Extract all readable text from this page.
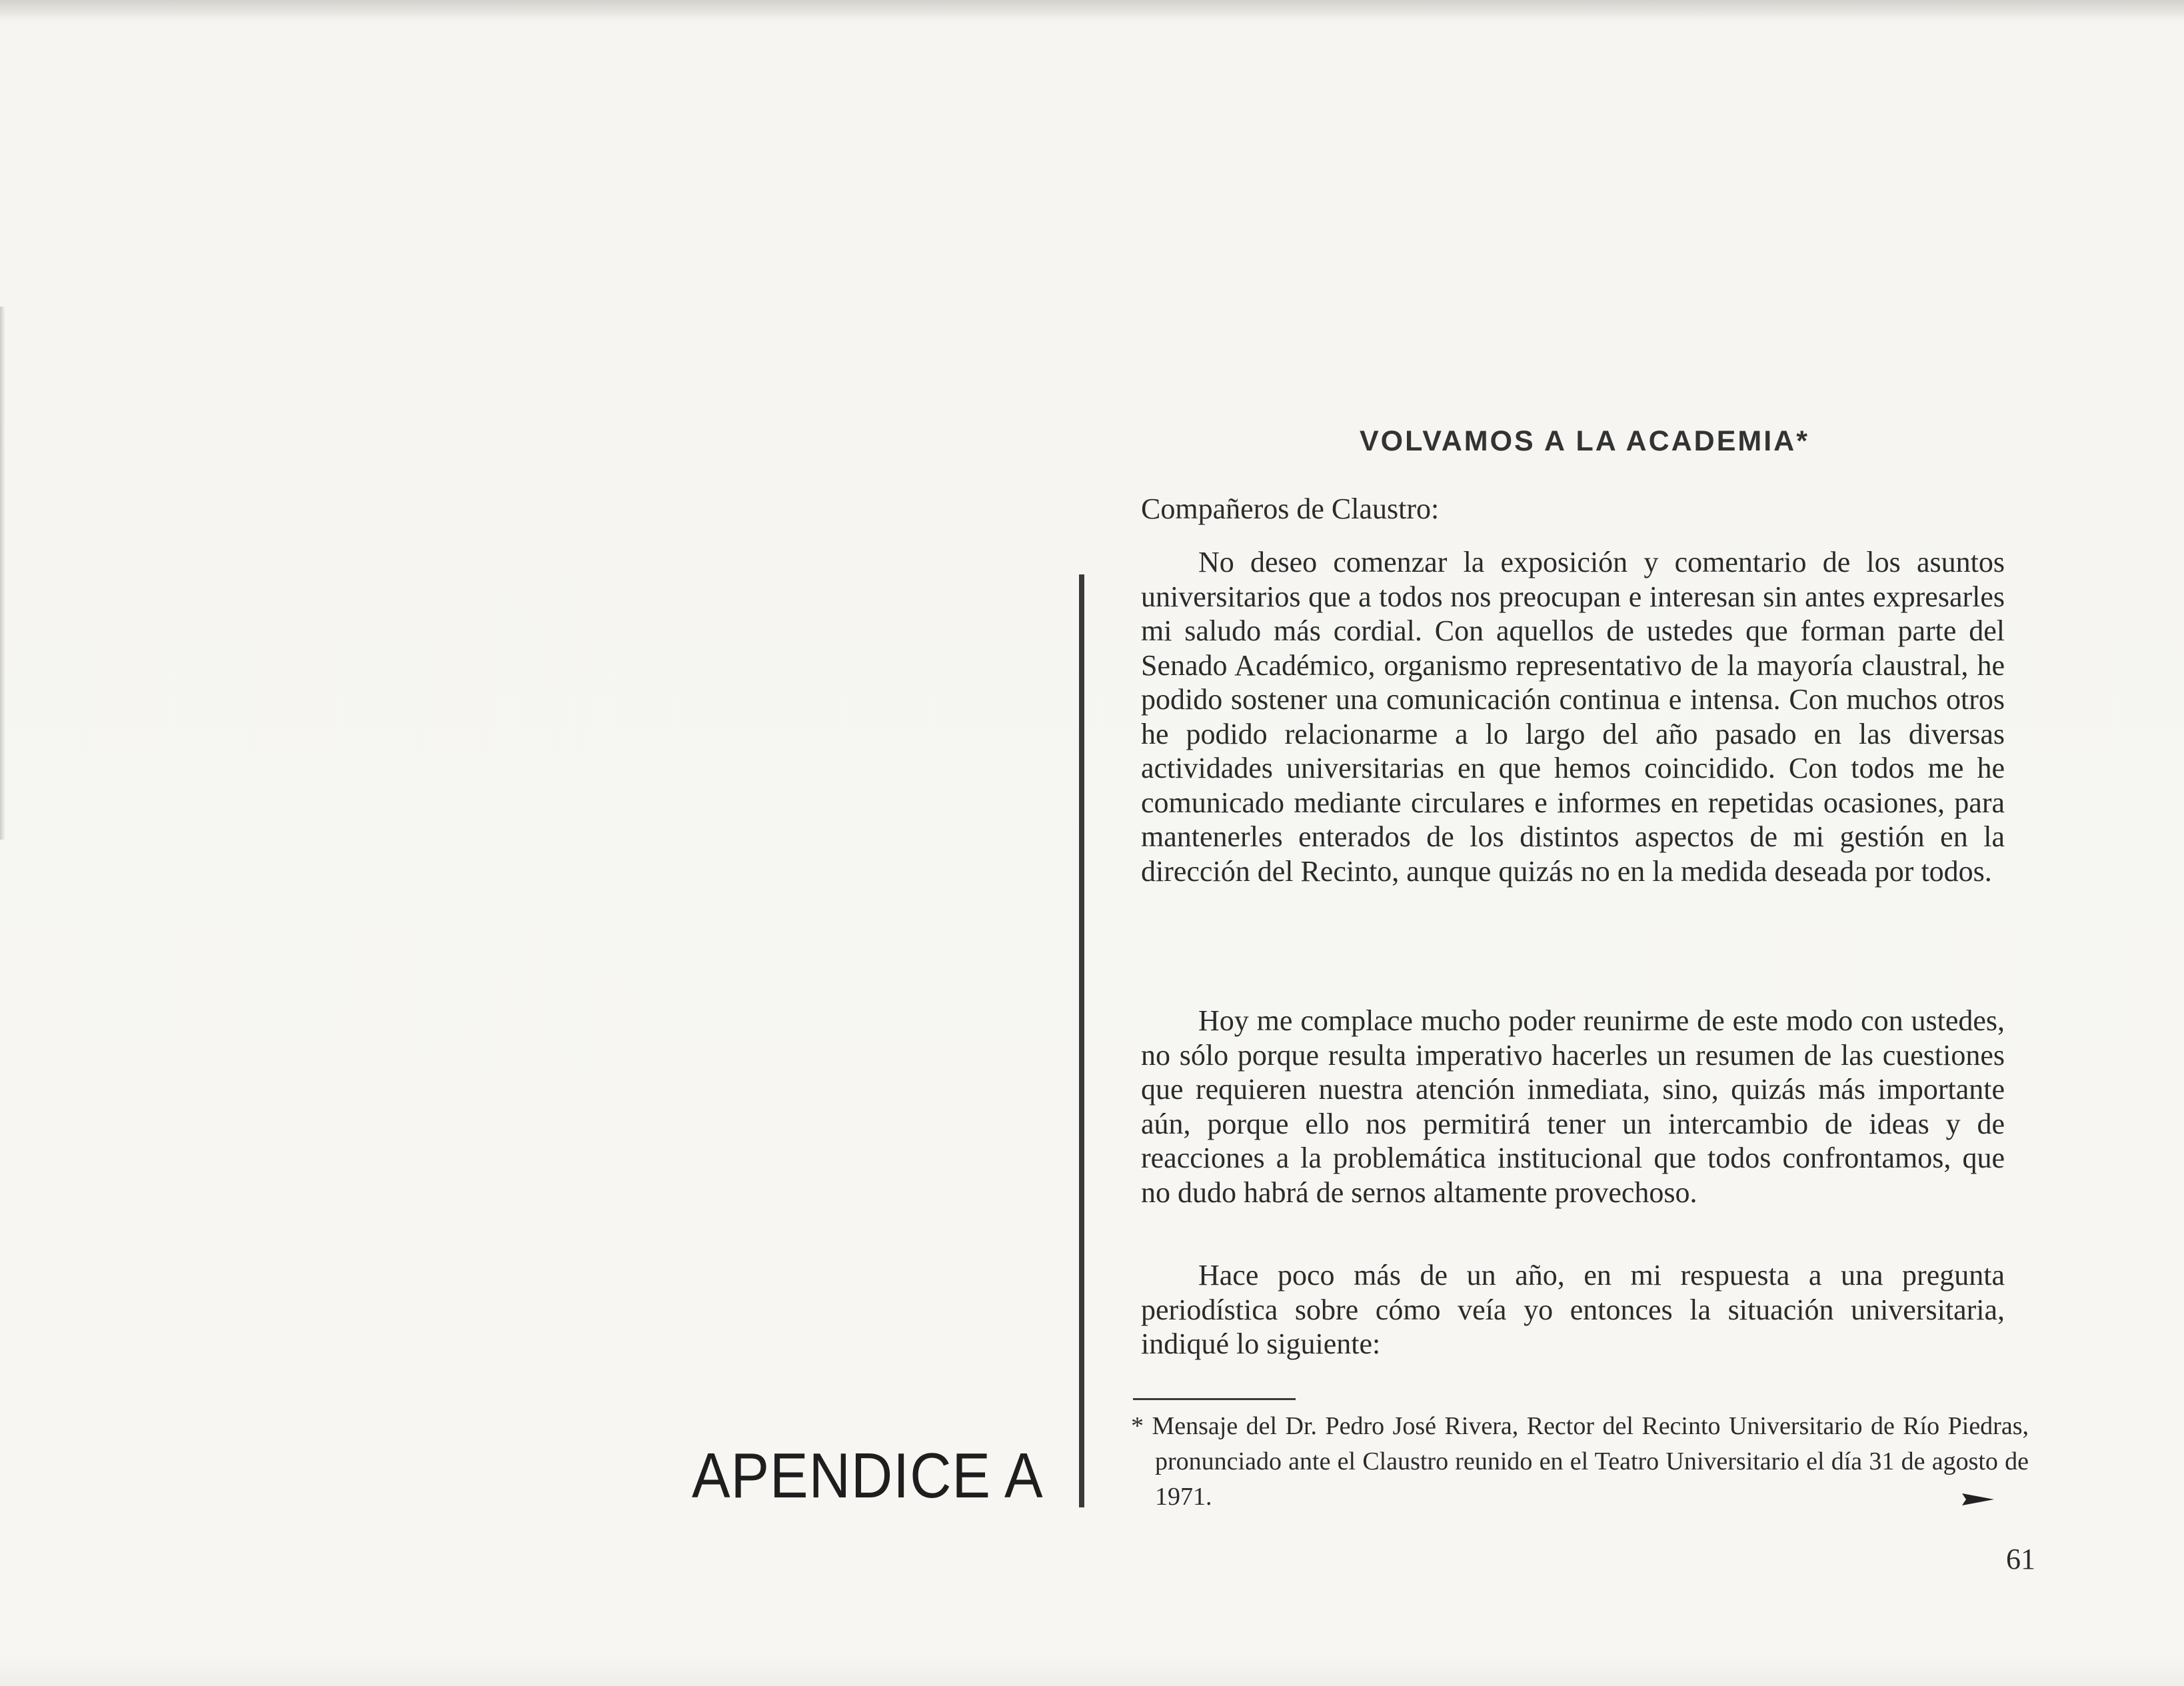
APENDICE A
VOLVAMOS A LA ACADEMIA*
Compañeros de Claustro:

No deseo comenzar la exposición y comentario de los asuntos universitarios que a todos nos preocupan e interesan sin antes expresarles mi saludo más cordial. Con aquellos de ustedes que forman parte del Senado Académico, organismo representativo de la mayoría claustral, he podido sostener una comunicación continua e intensa. Con muchos otros he podido relacionarme a lo largo del año pasado en las diversas actividades universitarias en que hemos coincidido. Con todos me he comunicado mediante circulares e informes en repetidas ocasiones, para mantenerles enterados de los distintos aspectos de mi gestión en la dirección del Recinto, aunque quizás no en la medida deseada por todos.

Hoy me complace mucho poder reunirme de este modo con ustedes, no sólo porque resulta imperativo hacerles un resumen de las cuestiones que requieren nuestra atención inmediata, sino, quizás más importante aún, porque ello nos permitirá tener un intercambio de ideas y de reacciones a la problemática institucional que todos confrontamos, que no dudo habrá de sernos altamente provechoso.

Hace poco más de un año, en mi respuesta a una pregunta periodística sobre cómo veía yo entonces la situación universitaria, indiqué lo siguiente:

* Mensaje del Dr. Pedro José Rivera, Rector del Recinto Universitario de Río Piedras, pronunciado ante el Claustro reunido en el Teatro Universitario el día 31 de agosto de 1971.

61
